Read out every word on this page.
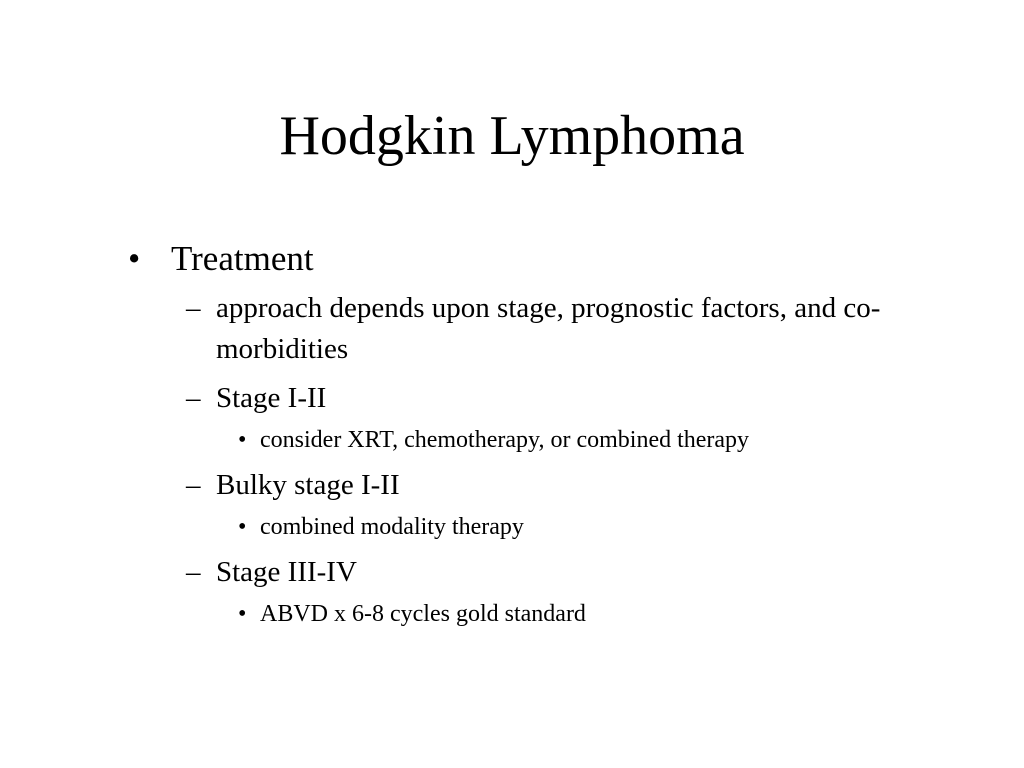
Hodgkin Lymphoma
• Treatment
– approach depends upon stage, prognostic factors, and co-morbidities
– Stage I-II
• consider XRT, chemotherapy, or combined therapy
– Bulky stage I-II
• combined modality therapy
– Stage III-IV
• ABVD x 6-8 cycles gold standard
